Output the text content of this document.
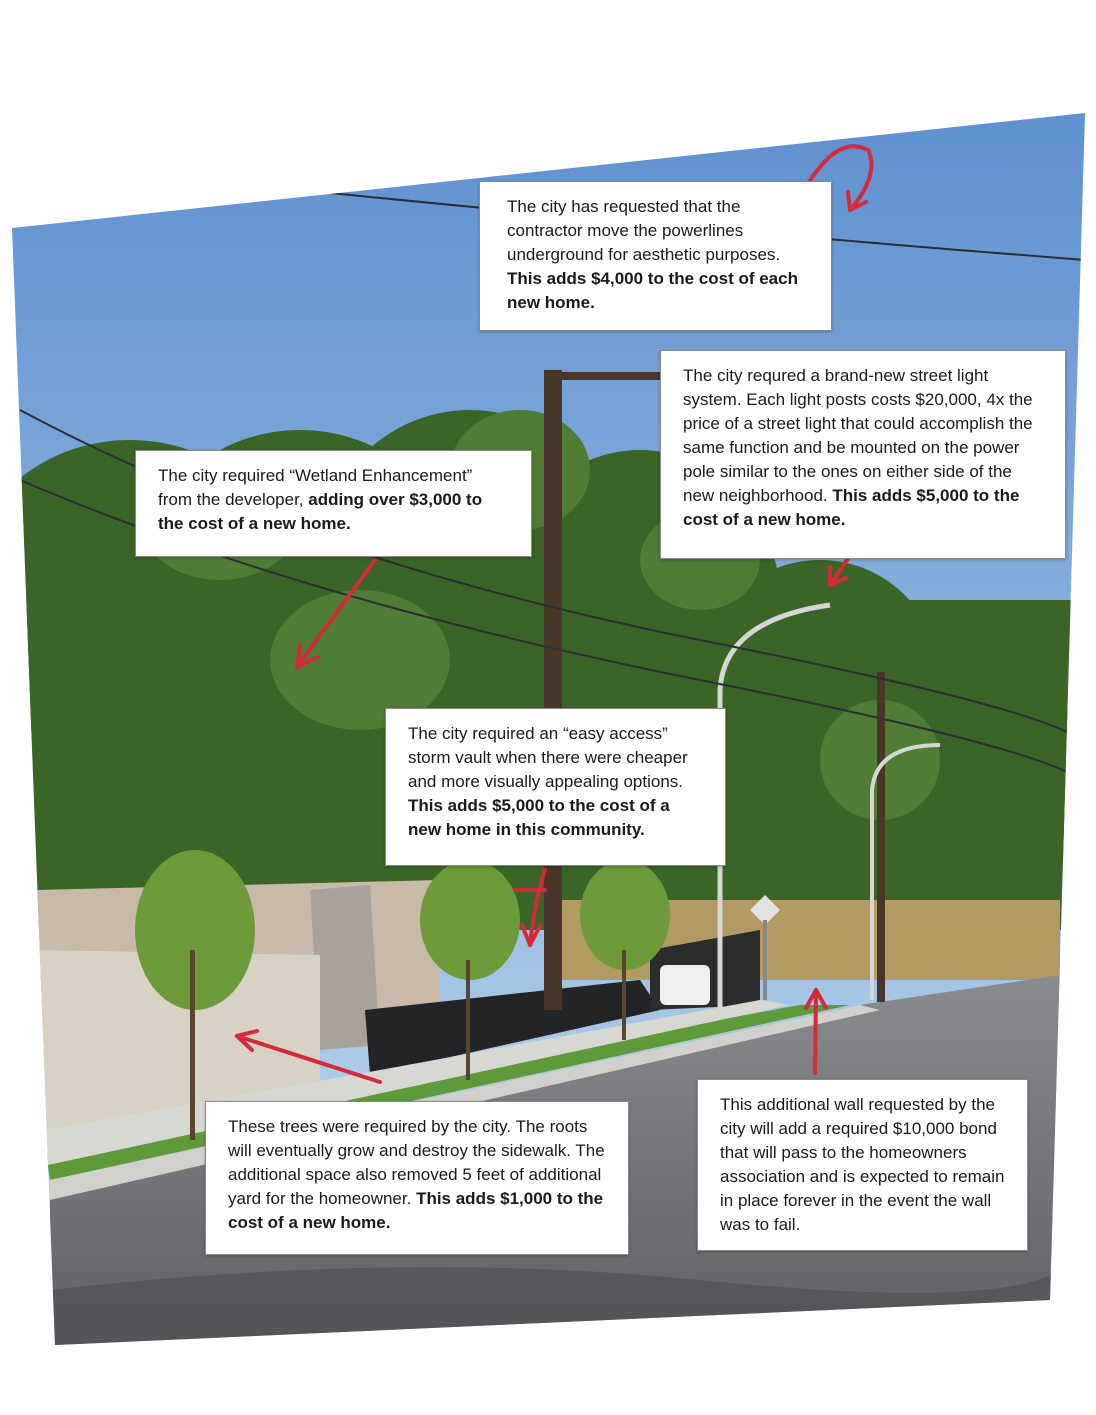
The city has requested that the contractor move the powerlines underground for aesthetic purposes. This adds $4,000 to the cost of each new home.
The city requred a brand-new street light system. Each light posts costs $20,000, 4x the price of a street light that could accomplish the same function and be mounted on the power pole similar to the ones on either side of the new neighborhood. This adds $5,000 to the cost of a new home.
The city required “Wetland Enhancement” from the developer, adding over $3,000 to the cost of a new home.
The city required an “easy access” storm vault when there were cheaper and more visually appealing options. This adds $5,000 to the cost of a new home in this community.
These trees were required by the city. The roots will eventually grow and destroy the sidewalk. The additional space also removed 5 feet of additional yard for the homeowner. This adds $1,000 to the cost of a new home.
This additional wall requested by the city will add a required $10,000 bond that will pass to the homeowners association and is expected to remain in place forever in the event the wall was to fail.
